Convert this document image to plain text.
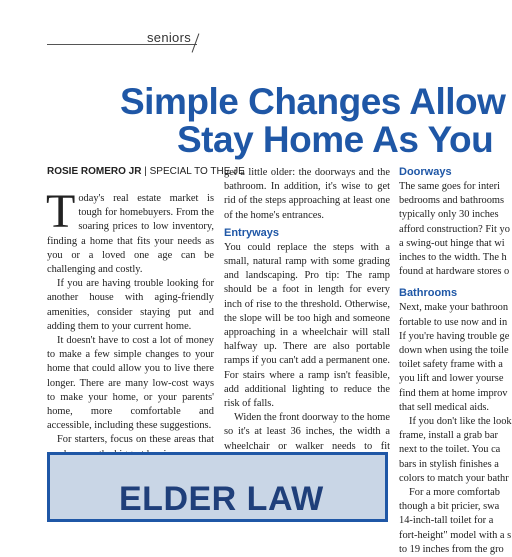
seniors
Simple Changes Allow
Stay Home As You
ROSIE ROMERO JR | SPECIAL TO THE JE

Today's real estate market is tough for homebuyers. From the soaring prices to low inventory, finding a home that fits your needs as you or a loved one age can be challenging and costly.

If you are having trouble looking for another house with aging-friendly amenities, consider staying put and adding them to your current home.

It doesn't have to cost a lot of money to make a few simple changes to your home that could allow you to live there longer. There are many low-cost ways to make your home, or your parents' home, more comfortable and accessible, including these suggestions.

For starters, focus on these areas that

get a little older: the doorways and the bathroom. In addition, it's wise to get rid of the steps approaching at least one of the home's entrances.

Entryways

You could replace the steps with a small, natural ramp with some grading and landscaping. Pro tip: The ramp should be a foot in length for every inch of rise to the threshold. Otherwise, the slope will be too high and someone approaching in a wheelchair will stall halfway up. There are also portable ramps if you can't add a permanent one. For stairs where a ramp isn't feasible, add additional lighting to reduce the risk of falls.

Widen the front doorway to the home so it's at least 36 inches, the width a wheelchair or walker needs to fit

Doorways
The same goes for interi
bedrooms and bathrooms
typically only 30 inches
afford construction? Fit yo
a swing-out hinge that wi
inches to the width. The h
found at hardware stores o
Bathrooms
Next, make your bathroon
fortable to use now and in
If you're having trouble ge
down when using the toile
toilet safety frame with a
you lift and lower yourse
find them at home improv
that sell medical aids.
If you don't like the look
frame, install a grab bar
next to the toilet. You ca
bars in stylish finishes a
colors to match your bathr
For a more comfortab
though a bit pricier, swa
14-inch-tall toilet for a
fort-height" model with a s
to 19 inches from the gro
ELDER LAW
